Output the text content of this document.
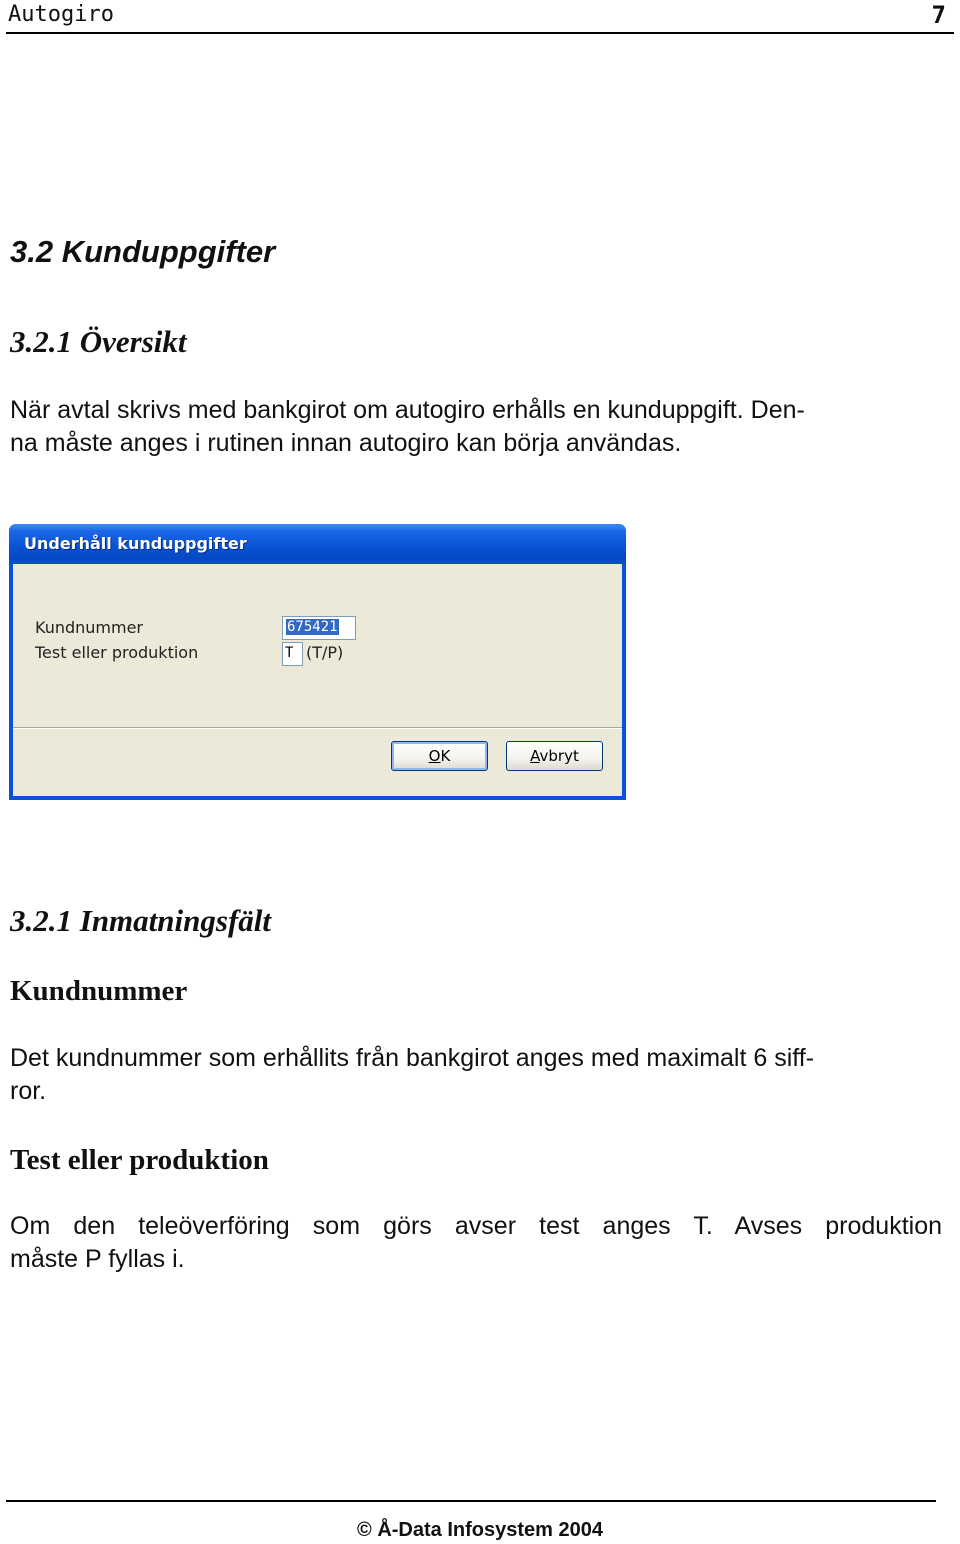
Autogiro	7
3.2 Kunduppgifter
3.2.1 Översikt
När avtal skrivs med bankgirot om autogiro erhålls en kunduppgift. Den-
na måste anges i rutinen innan autogiro kan börja användas.
Underhåll kunduppgifter
Kundnummer	675421
Test eller produktion	T (T/P)
OK	Avbryt
3.2.1 Inmatningsfält
Kundnummer
Det kundnummer som erhållits från bankgirot anges med maximalt 6 siff-
ror.
Test eller produktion
Om den teleöverföring som görs avser test anges T. Avses produktion
måste P fyllas i.
© Å-Data Infosystem 2004
